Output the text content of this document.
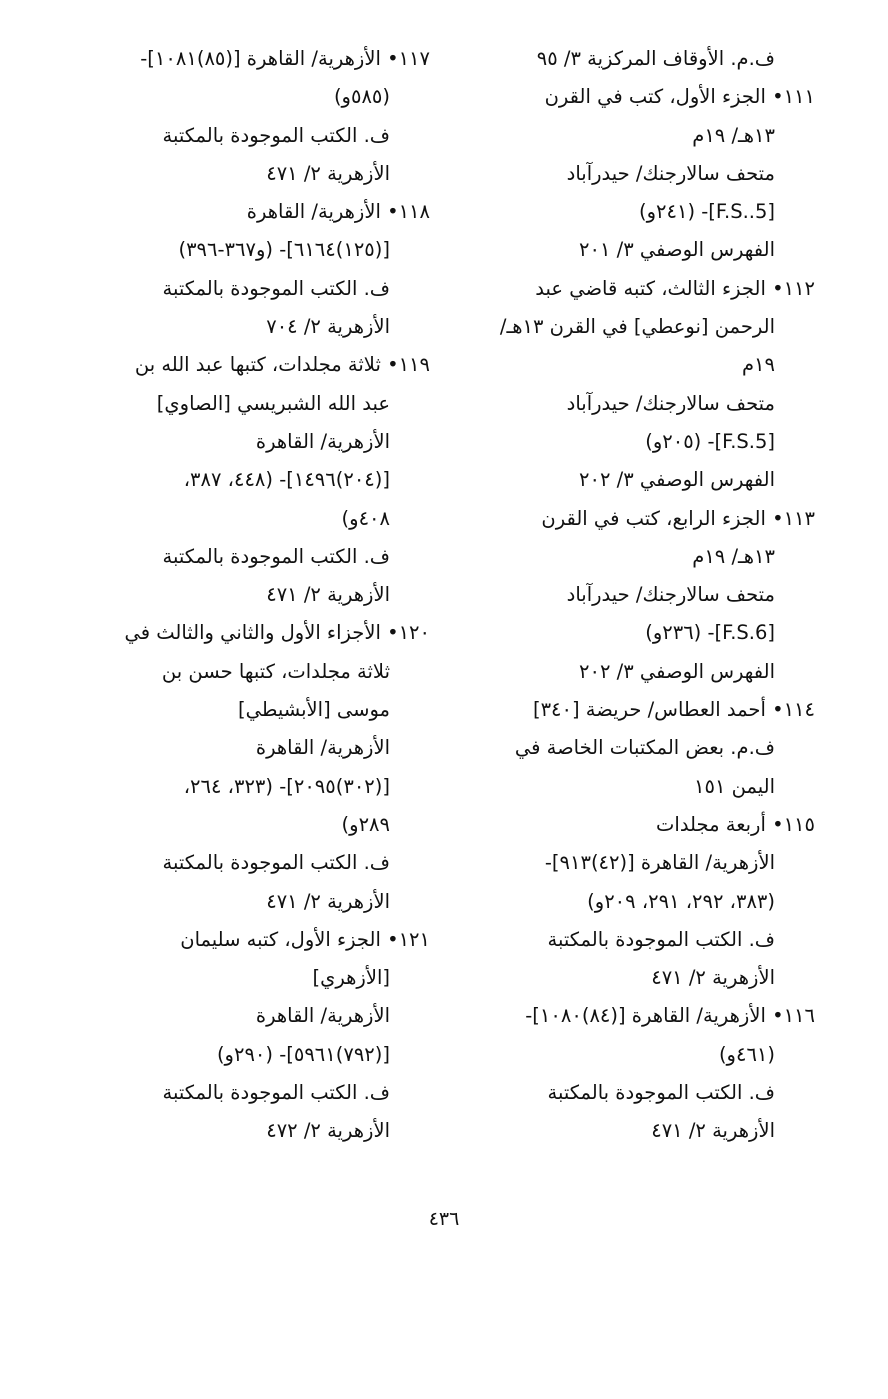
ف.م. الأوقاف المركزية ٣/ ٩٥
١١١• الجزء الأول، كتب في القرن
١٣هـ/ ١٩م
متحف سالارجنك/ حيدرآباد
[F.S..5]- (٢٤١و)
الفهرس الوصفي ٣/ ٢٠١
١١٢• الجزء الثالث، كتبه قاضي عبد
الرحمن [نوعطي] في القرن ١٣هـ/
١٩م
متحف سالارجنك/ حيدرآباد
[F.S.5]- (٢٠٥و)
الفهرس الوصفي ٣/ ٢٠٢
١١٣• الجزء الرابع، كتب في القرن
١٣هـ/ ١٩م
متحف سالارجنك/ حيدرآباد
[F.S.6]- (٢٣٦و)
الفهرس الوصفي ٣/ ٢٠٢
١١٤• أحمد العطاس/ حريضة [٣٤٠]
ف.م. بعض المكتبات الخاصة في
اليمن ١٥١
١١٥• أربعة مجلدات
الأزهرية/ القاهرة [(٤٢)٩١٣]-
(٣٨٣، ٢٩٢، ٢٩١، ٢٠٩و)
ف. الكتب الموجودة بالمكتبة
الأزهرية ٢/ ٤٧١
١١٦• الأزهرية/ القاهرة [(٨٤)١٠٨٠]-
(٤٦١و)
ف. الكتب الموجودة بالمكتبة
الأزهرية ٢/ ٤٧١
١١٧• الأزهرية/ القاهرة [(٨٥)١٠٨١]-
(٥٨٥و)
ف. الكتب الموجودة بالمكتبة
الأزهرية ٢/ ٤٧١
١١٨• الأزهرية/ القاهرة
[(١٢٥)٦١٦٤]- (و٣٦٧-٣٩٦)
ف. الكتب الموجودة بالمكتبة
الأزهرية ٢/ ٧٠٤
١١٩• ثلاثة مجلدات، كتبها عبد الله بن
عبد الله الشبريسي [الصاوي]
الأزهرية/ القاهرة
[(٢٠٤)١٤٩٦]- (٤٤٨، ٣٨٧،
٤٠٨و)
ف. الكتب الموجودة بالمكتبة
الأزهرية ٢/ ٤٧١
١٢٠• الأجزاء الأول والثاني والثالث في
ثلاثة مجلدات، كتبها حسن بن
موسى [الأبشيطي]
الأزهرية/ القاهرة
[(٣٠٢)٢٠٩٥]- (٣٢٣، ٢٦٤،
٢٨٩و)
ف. الكتب الموجودة بالمكتبة
الأزهرية ٢/ ٤٧١
١٢١• الجزء الأول، كتبه سليمان
[الأزهري]
الأزهرية/ القاهرة
[(٧٩٢)٥٩٦١]- (٢٩٠و)
ف. الكتب الموجودة بالمكتبة
الأزهرية ٢/ ٤٧٢
٤٣٦
